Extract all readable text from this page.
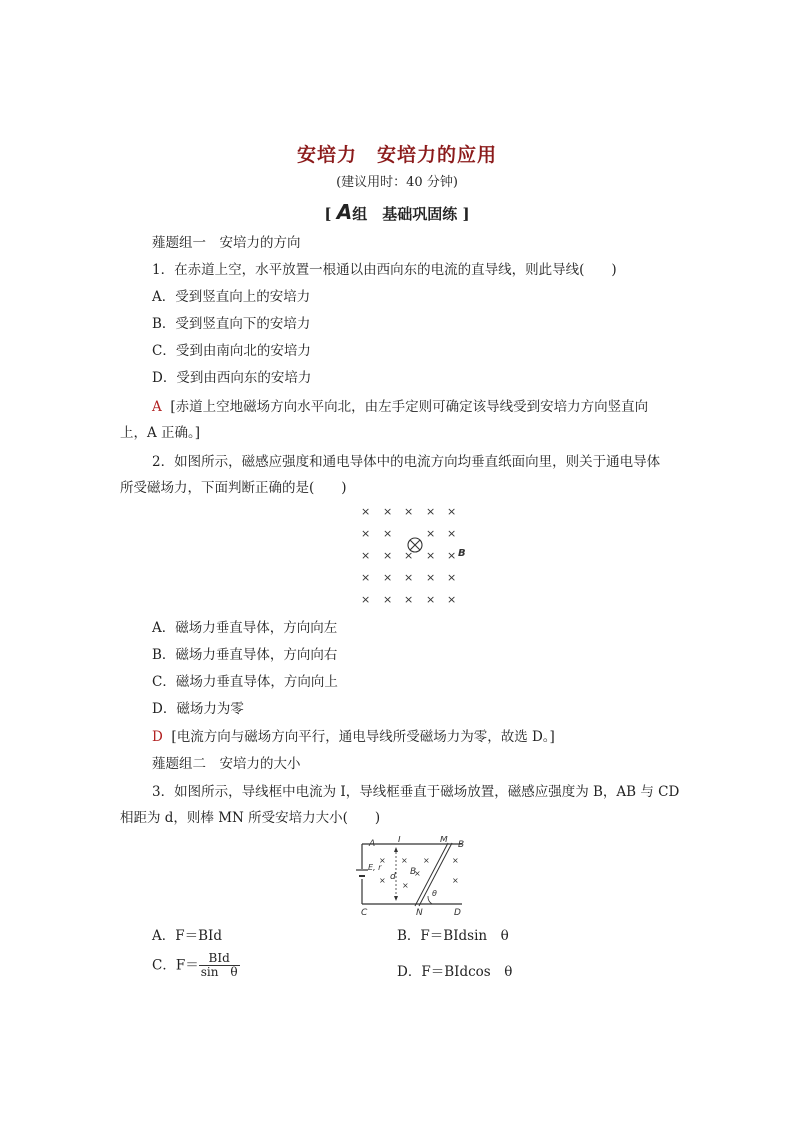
安培力　安培力的应用
(建议用时：40 分钟)
[ A组　基础巩固练 ]
薤题组一　安培力的方向
1．在赤道上空，水平放置一根通以由西向东的电流的直导线，则此导线(　　)
A．受到竖直向上的安培力
B．受到竖直向下的安培力
C．受到由南向北的安培力
D．受到由西向东的安培力
A [赤道上空地磁场方向水平向北，由左手定则可确定该导线受到安培力方向竖直向
上，A 正确。]
2．如图所示，磁感应强度和通电导体中的电流方向均垂直纸面向里，则关于通电导体
所受磁场力，下面判断正确的是(　　)
× × × × ×
× ×	× ×
× × × × ×
× × × × ×
× × × × ×
B
A．磁场力垂直导体，方向向左
B．磁场力垂直导体，方向向右
C．磁场力垂直导体，方向向上
D．磁场力为零
D [电流方向与磁场方向平行，通电导线所受磁场力为零，故选 D。]
薤题组二　安培力的大小
3．如图所示，导线框中电流为 I，导线框垂直于磁场放置，磁感应强度为 B，AB 与 CD
相距为 d，则棒 MN 所受安培力大小(　　)
×
×
× ×
×
×
×
×
A	B
C	D
I	M
N
E, r
d B
θ
A．F＝BId	B．F＝BIdsin　θ
C．$F= \frac{\text{BId}}{\text{sin　θ}}$	D．F＝BIdcos　θ
